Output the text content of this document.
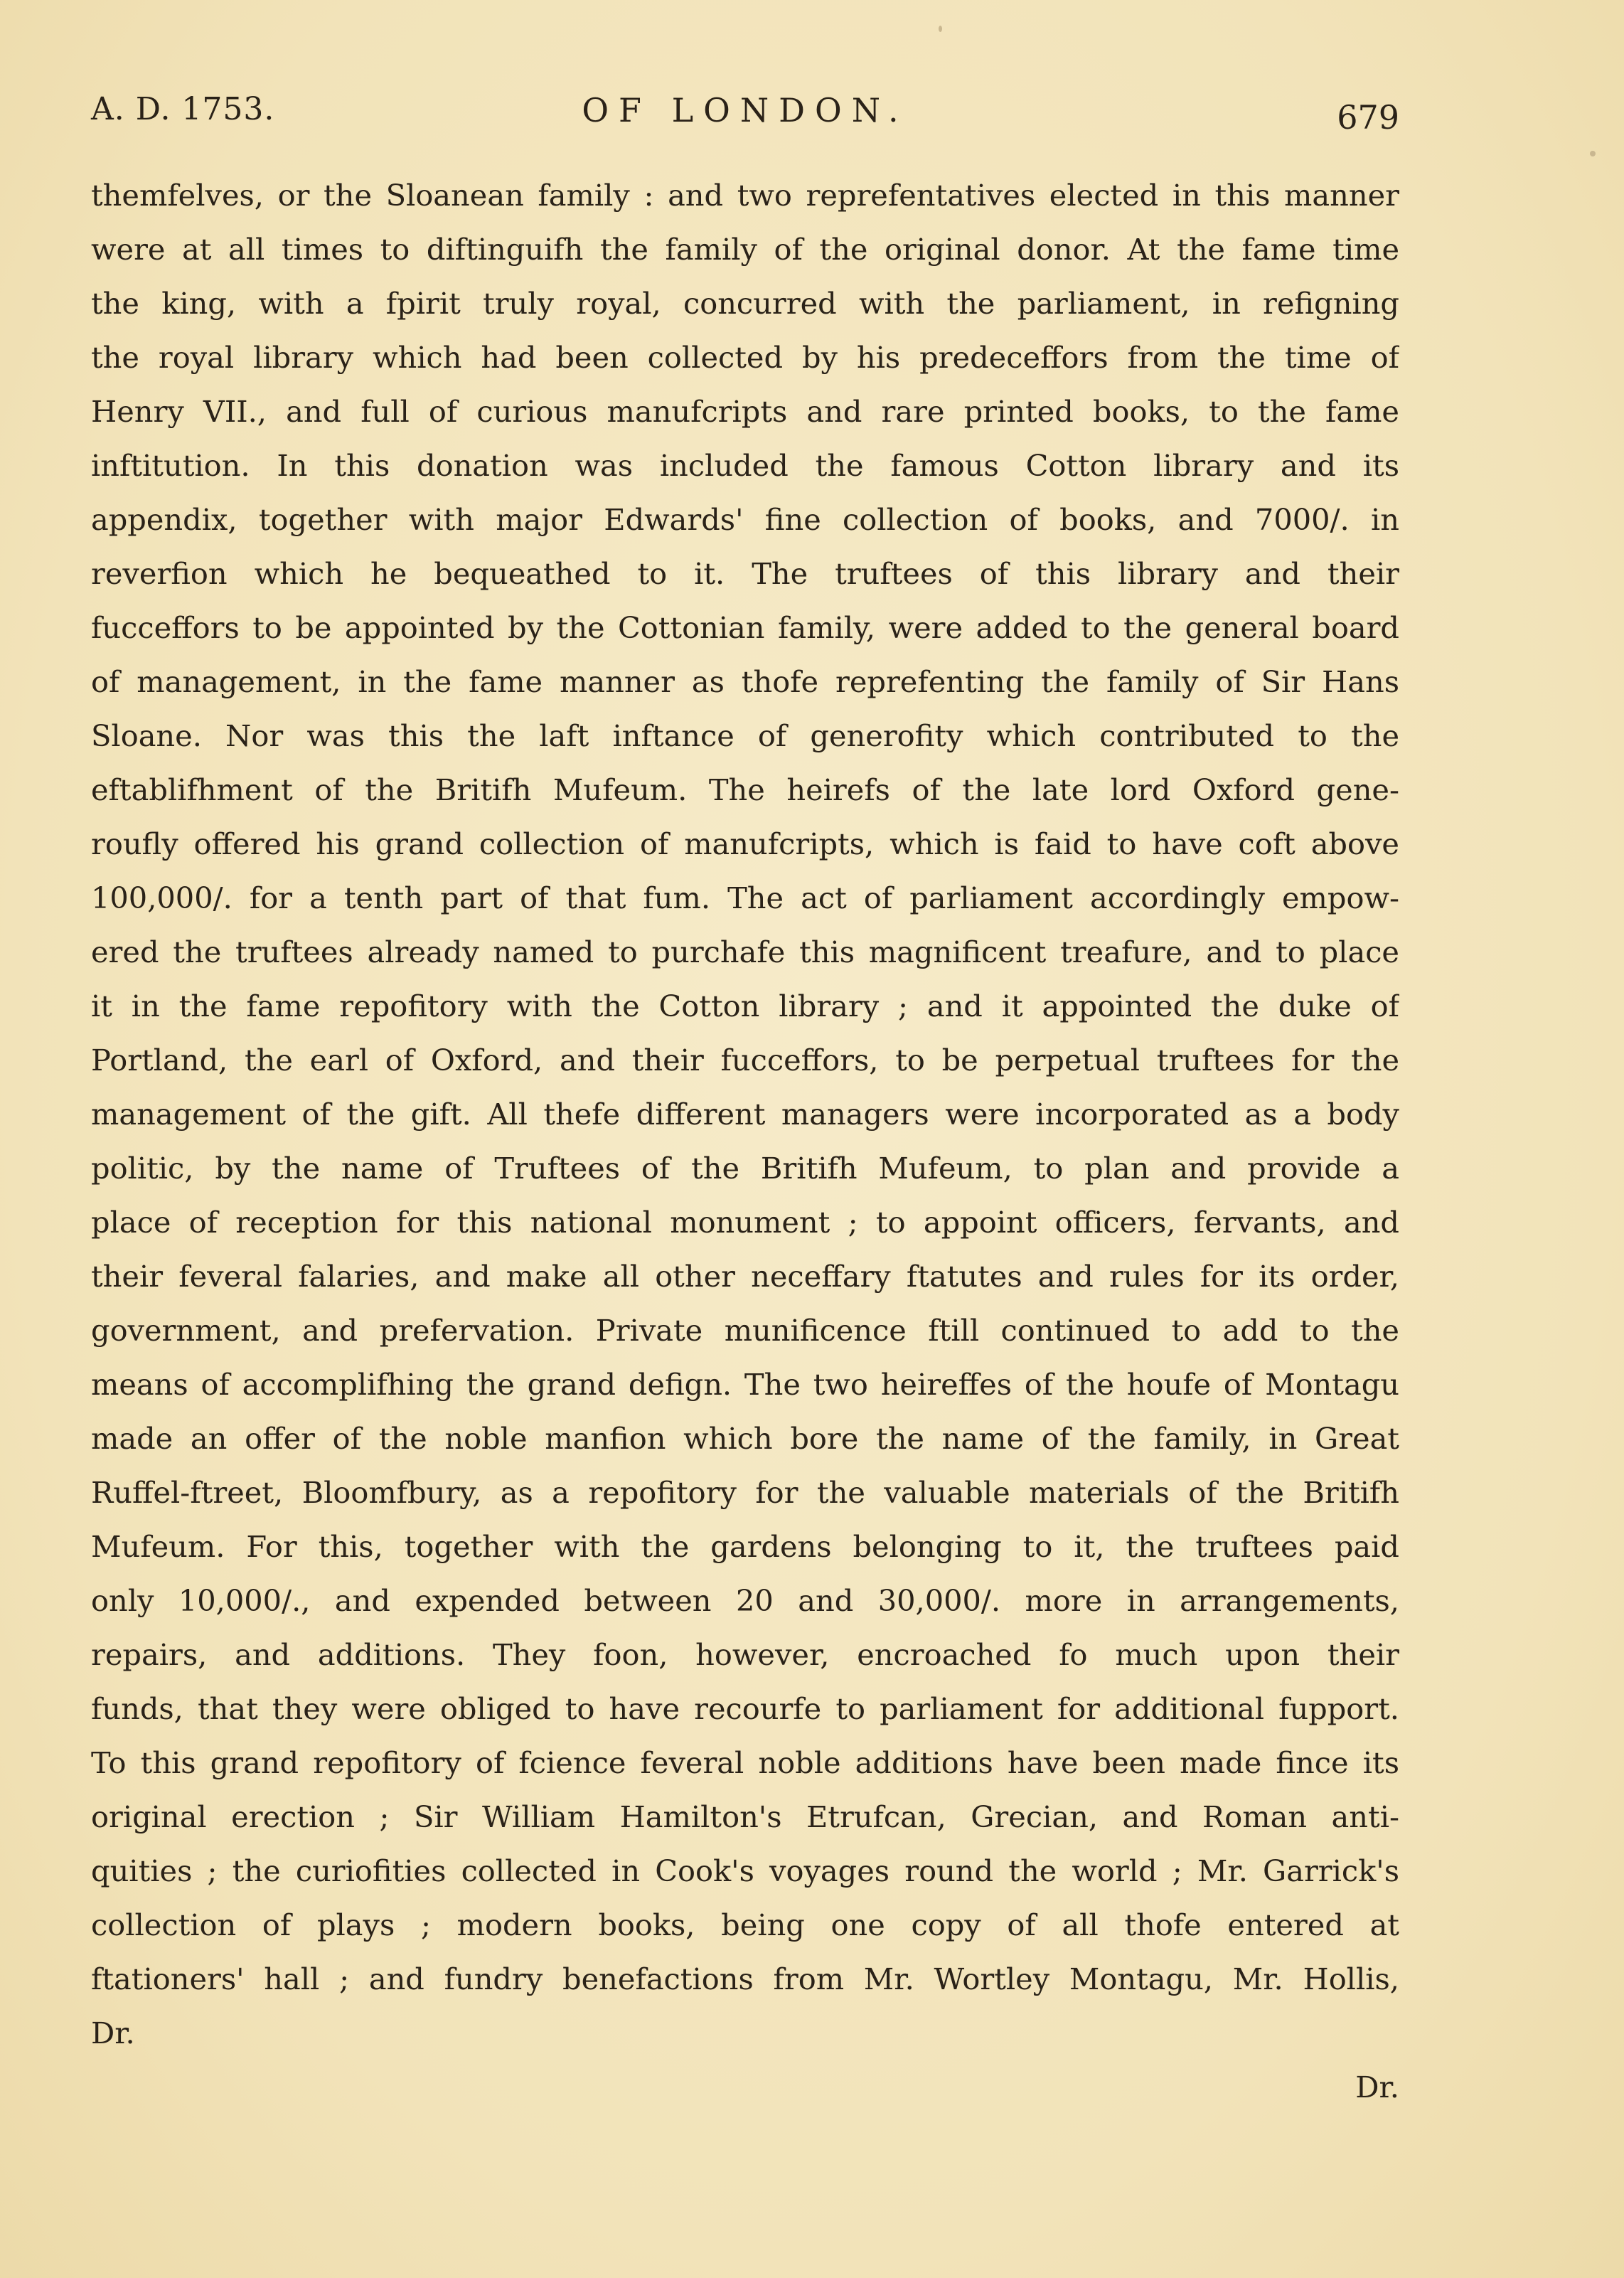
A. D. 1753.	OF LONDON.	679
themfelves, or the Sloanean family : and two reprefentatives elected in this manner
were at all times to diftinguifh the family of the original donor. At the fame time
the king, with a fpirit truly royal, concurred with the parliament, in refigning
the royal library which had been collected by his predeceffors from the time of
Henry VII., and full of curious manufcripts and rare printed books, to the fame
inftitution. In this donation was included the famous Cotton library and its
appendix, together with major Edwards' fine collection of books, and 7000/. in
reverfion which he bequeathed to it. The truftees of this library and their
fucceffors to be appointed by the Cottonian family, were added to the general board
of management, in the fame manner as thofe reprefenting the family of Sir Hans
Sloane. Nor was this the laft inftance of generofity which contributed to the
eftablifhment of the Britifh Mufeum. The heirefs of the late lord Oxford gene-
roufly offered his grand collection of manufcripts, which is faid to have coft above
100,000/. for a tenth part of that fum. The act of parliament accordingly empow-
ered the truftees already named to purchafe this magnificent treafure, and to place
it in the fame repofitory with the Cotton library ; and it appointed the duke of
Portland, the earl of Oxford, and their fucceffors, to be perpetual truftees for the
management of the gift. All thefe different managers were incorporated as a body
politic, by the name of Truftees of the Britifh Mufeum, to plan and provide a
place of reception for this national monument ; to appoint officers, fervants, and
their feveral falaries, and make all other neceffary ftatutes and rules for its order,
government, and prefervation. Private munificence ftill continued to add to the
means of accomplifhing the grand defign. The two heireffes of the houfe of Montagu
made an offer of the noble manfion which bore the name of the family, in Great
Ruffel-ftreet, Bloomfbury, as a repofitory for the valuable materials of the Britifh
Mufeum. For this, together with the gardens belonging to it, the truftees paid
only 10,000/., and expended between 20 and 30,000/. more in arrangements,
repairs, and additions. They foon, however, encroached fo much upon their
funds, that they were obliged to have recourfe to parliament for additional fupport.
To this grand repofitory of fcience feveral noble additions have been made fince its
original erection ; Sir William Hamilton's Etrufcan, Grecian, and Roman anti-
quities ; the curiofities collected in Cook's voyages round the world ; Mr. Garrick's
collection of plays ; modern books, being one copy of all thofe entered at
ftationers' hall ; and fundry benefactions from Mr. Wortley Montagu, Mr. Hollis,
Dr.
Dr.
